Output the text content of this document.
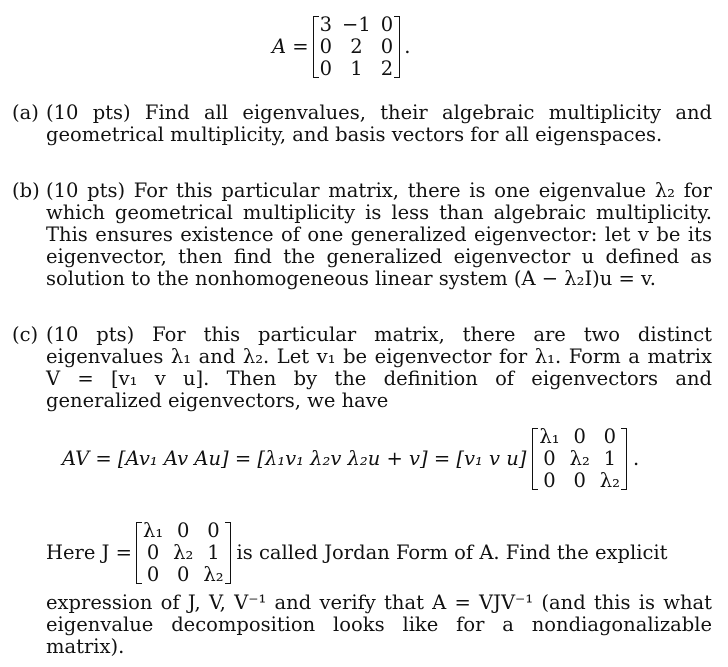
A =
3	−1	0
0	2	0
0	1	2
.
(a) (10 pts) Find all eigenvalues, their algebraic multiplicity and geometrical multiplicity, and basis vectors for all eigenspaces.
(b) (10 pts) For this particular matrix, there is one eigenvalue λ₂ for which geometrical multiplicity is less than algebraic multiplicity. This ensures existence of one generalized eigenvector: let v be its eigenvector, then find the generalized eigenvector u defined as solution to the nonhomogeneous linear system (A − λ₂I)u = v.
(c) (10 pts) For this particular matrix, there are two distinct eigenvalues λ₁ and λ₂. Let v₁ be eigenvector for λ₁. Form a matrix V = [v₁ v u]. Then by the definition of eigenvectors and generalized eigenvectors, we have
AV = [Av₁ Av Au] = [λ₁v₁ λ₂v λ₂u + v] = [v₁ v u]
λ₁	0	0
0	λ₂	1
0	0	λ₂
.
Here J =
λ₁	0	0
0	λ₂	1
0	0	λ₂
is called Jordan Form of A. Find the explicit
expression of J, V, V⁻¹ and verify that A = VJV⁻¹ (and this is what eigenvalue decomposition looks like for a nondiagonalizable matrix).
